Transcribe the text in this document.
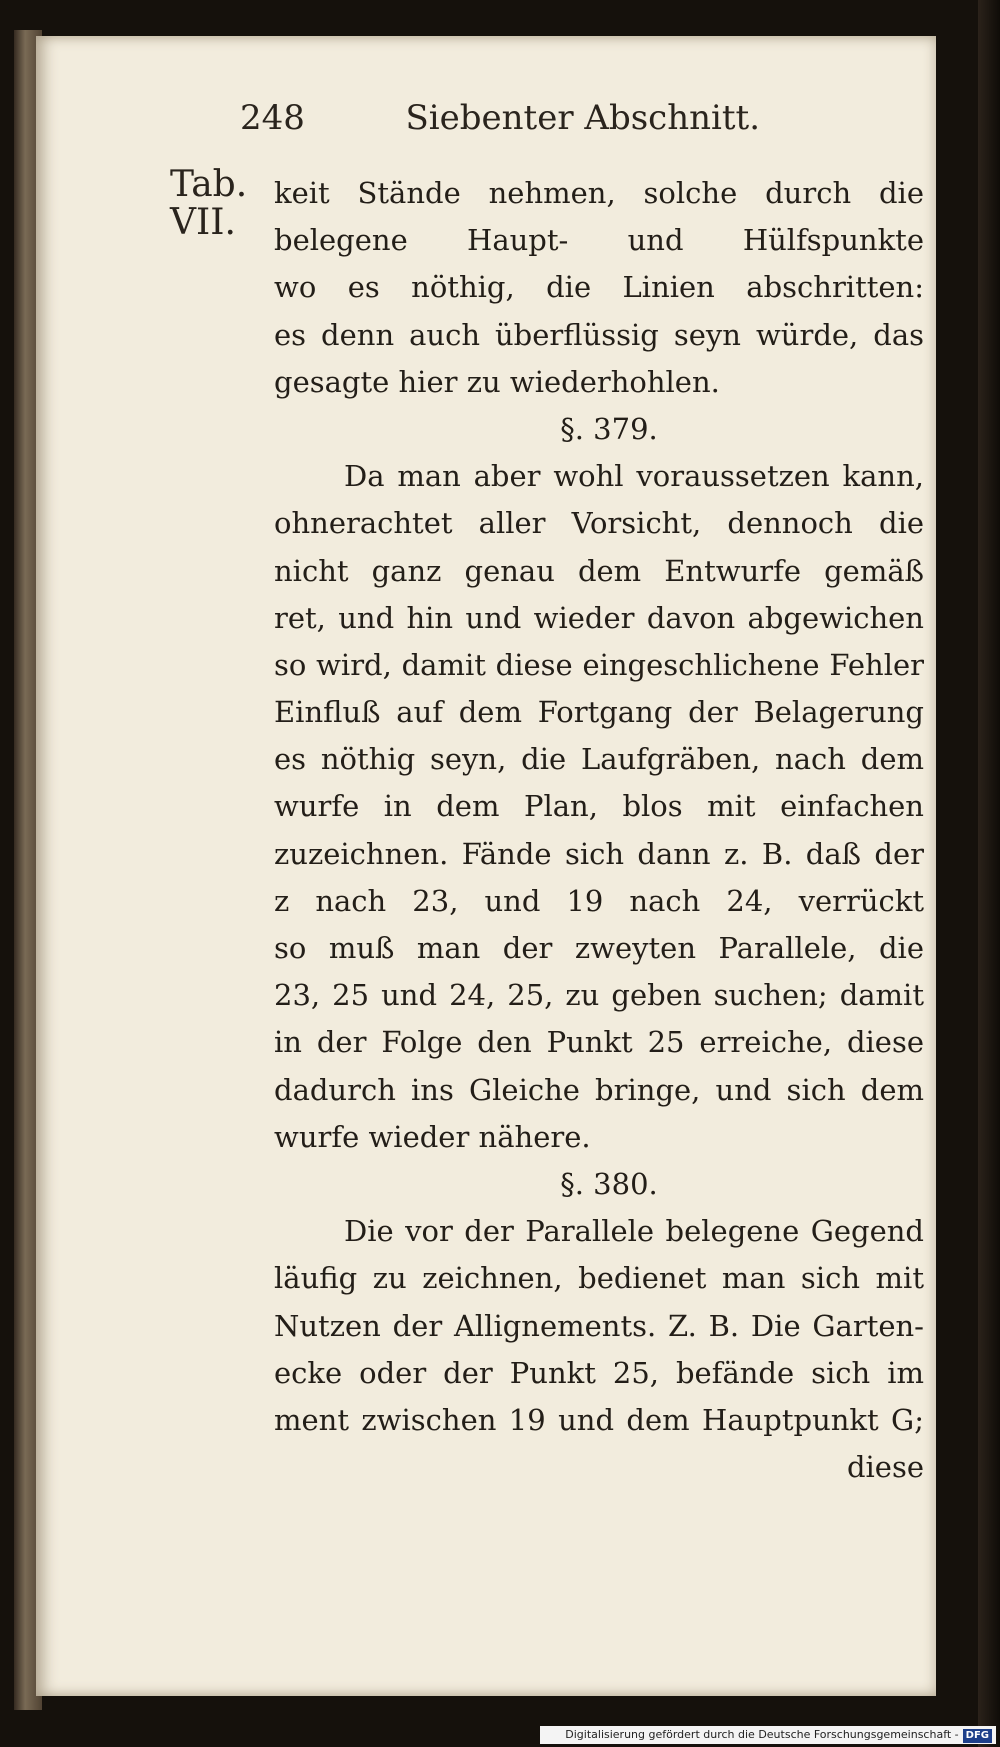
248	Siebenter Abschnitt.
Tab.
VII.
keit Stände nehmen, solche durch die
belegene Haupt- und Hülfspunkte
wo es nöthig, die Linien abschritten:
es denn auch überflüssig seyn würde, das
gesagte hier zu wiederhohlen.
§. 379.
Da man aber wohl voraussetzen kann,
ohnerachtet aller Vorsicht, dennoch die
nicht ganz genau dem Entwurfe gemäß
ret, und hin und wieder davon abgewichen
so wird, damit diese eingeschlichene Fehler
Einfluß auf dem Fortgang der Belagerung
es nöthig seyn, die Laufgräben, nach dem
wurfe in dem Plan, blos mit einfachen
zuzeichnen. Fände sich dann z. B. daß der
z nach 23, und 19 nach 24, verrückt
so muß man der zweyten Parallele, die
23, 25 und 24, 25, zu geben suchen; damit
in der Folge den Punkt 25 erreiche, diese
dadurch ins Gleiche bringe, und sich dem
wurfe wieder nähere.
§. 380.
Die vor der Parallele belegene Gegend
läufig zu zeichnen, bedienet man sich mit
Nutzen der Allignements. Z. B. Die Garten-
ecke oder der Punkt 25, befände sich im
ment zwischen 19 und dem Hauptpunkt G;
diese
Digitalisierung gefördert durch die Deutsche Forschungsgemeinschaft - DFG
